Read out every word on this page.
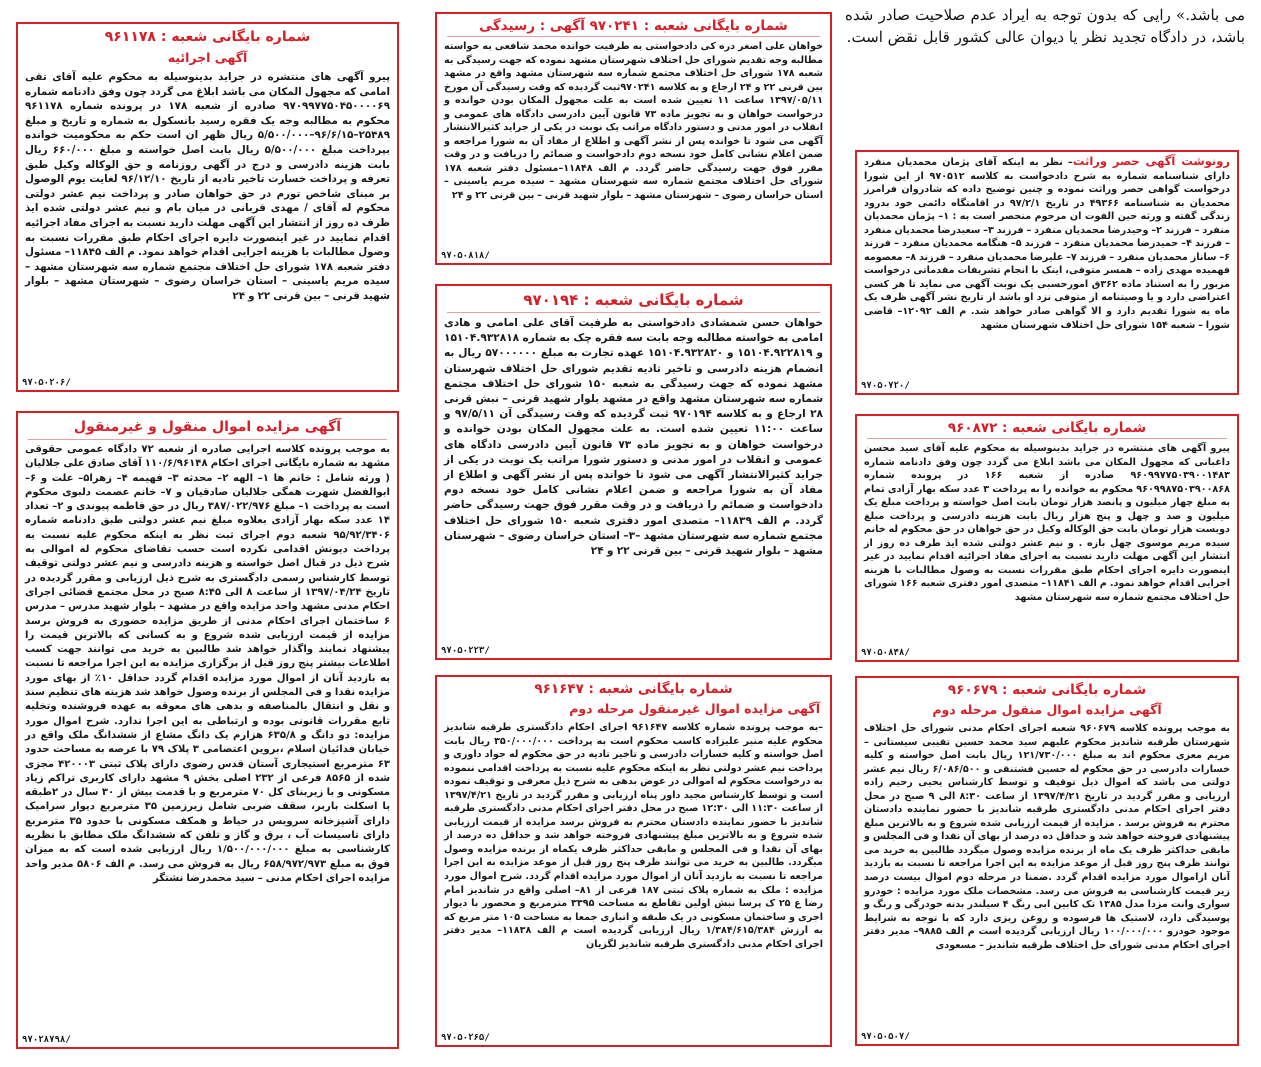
می باشد.» رایی که بدون توجه به ایراد عدم صلاحیت صادر شده باشد، در دادگاه تجدید نظر یا دیوان عالی کشور قابل نقض است.
رونوشت آگهی حصر وراثت– نظر به اینکه آقای پژمان محمدیان منفرد دارای شناسنامه شماره به شرح دادخواست به کلاسه ۹۷۰۵۱۲ از این شورا درخواست گواهی حصر وراثت نموده و چنین توضیح داده که شادروان فرامرز محمدیان به شناسنامه ۴۹۳۶۶ در تاریخ ۹۷/۲/۱ در اقامتگاه دائمی خود بدرود زندگی گفته و ورثه حین الفوت ان مرحوم منحصر است به : ۱– پژمان محمدیان منفرد – فرزند ۲– وحیدرضا محمدیان منفرد – فرزند ۳– سعیدرضا محمدیان منفرد – فرزند ۴– حمیدرضا محمدیان منفرد – فرزند ۵– هنگامه محمدیان منفرد – فرزند ۶– ساناز محمدیان منفرد – فرزند ۷– علیرضا محمدیان منفرد – فرزند ۸– معصومه فهمیده مهدی زاده – همسر متوفی، اینک با انجام تشریفات مقدماتی درخواست مزبور را به استناد ماده ۳۶۲ق امورحسبی یک نوبت آگهی می نماید تا هر کسی اعتراضی دارد و یا وصیتنامه از متوفی نزد او باشد از تاریخ نشر آگهی ظرف یک ماه به شورا تقدیم دارد و الا گواهی صادر خواهد شد. م الف ۱۲۰۹۲– قاضی شورا – شعبه ۱۵۴ شورای حل اختلاف شهرستان مشهد
۹۷۰۵۰۷۲۰/
شماره بایگانی شعبه : ۹۶۰۸۷۲
پیرو آگهی های منتشره در جراید بدینوسیله به محکوم علیه آقای سید محسن داغبانی که مجهول المکان می باشد ابلاغ می گردد چون وفق دادنامه شماره ۹۶۰۹۹۷۷۵۰۳۹۰۰۱۴۸۳ صادره از شعبه ۱۶۶ در پرونده شماره ۹۶۰۹۹۸۷۵۰۳۹۰۰۸۶۸ محکوم به خوانده را به پرداخت ۳ عدد سکه بهار آزادی تمام به مبلغ چهار میلیون و پانصد هزار تومان بابت اصل خواسته و پرداخت مبلغ یک میلیون و صد و چهل و پنج هزار ریال بابت هزینه دادرسی و پرداخت مبلغ دویست هزار تومان بابت حق الوکاله وکیل در حق خواهان در حق محکوم له خانم سیده مریم موسوی چهل بازه . و نیم عشر دولتی شده ایذ طرف ده روز از انتشار این آگهی مهلت دارید نسبت به اجرای مفاد اجرائیه اقدام نمایید در غیر اینصورت دایره اجرای احکام طبق مقررات نسبت به وصول مطالبات با هزینه اجرایی اقدام خواهد نمود. م الف ۱۱۸۴۱– متصدی امور دفتری شعبه ۱۶۶ شورای حل اختلاف مجتمع شماره سه شهرستان مشهد
۹۷۰۵۰۸۴۸/
شماره بایگانی شعبه : ۹۶۰۶۷۹
آگهی مزایده اموال منقول مرحله دوم
به موجب پرونده کلاسه ۹۶۰۶۷۹ شعبه اجرای احکام مدنی شورای حل اختلاف شهرستان طرقبه شاندیز محکوم علیهم سید محمد حسین تقیبی سیستانی – مریم معزی محکوم اند به مبلغ ۱۲۱/۷۳۰/۰۰۰ ریال بابت اصل خواسته و کلیه خسارات دادرسی در حق محکوم له حسین فشتنقی و ۶/۰۸۶/۵۰۰ ریال نیم عشر دولتی می باشد که اموال ذیل توقیف و توسط کارشناس یحیی رحیم زاده ارزیابی و مقرر گردید در تاریخ ۱۳۹۷/۴/۲۱ از ساعت ۸:۳۰ الی ۹ صبح در محل دفتر اجرای احکام مدنی دادگستری طرقبه شاندیز با حضور نماینده دادستان محترم به فروش برسد . مزایده از قیمت ارزیابی شده شروع و به بالاترین مبلغ پیشنهادی فروخته خواهد شد و حداقل ده درصد از بهای آن نقدا و فی المجلس و مابقی حداکثر ظرف یک ماه از برنده مزایده وصول میگردد طالبین به خرید می توانند ظرف پنج روز قبل از موعد مزایده به این اجرا مراجعه تا نسبت به بازدید آنان ازاموال مورد مزایده اقدام گردد .ضمنا در مرحله دوم اموال بیست درصد زیر قیمت کارشناسی به فروش می رسد. مشخصات ملک مورد مزایده : خودرو سواری وانت مزدا مدل ۱۳۸۵ تک کابین ابی رنگ ۴ سیلندر بدنه خودرگی و رنگ و پوسیدگی دارد، لاستیک ها فرسوده و روغن ریزی دارد که با توجه به شرایط موجود خودرو ۱۰۰/۰۰۰/۰۰۰ ریال ارزیابی گردیده است م الف ۹۸۸۵– مدیر دفتر اجرای احکام مدنی شورای حل اختلاف طرقبه شاندیز – مسعودی
۹۷۰۵۰۵۰۷/
شماره بایگانی شعبه : ۹۷۰۲۴۱ آگهی : رسیدگی
خواهان علی اصغر دره کی دادخواستی به طرفیت خوانده محمد شافعی به خواسته مطالبه وجه تقدیم شورای حل اختلاف شهرستان مشهد نموده که جهت رسیدگی به شعبه ۱۷۸ شورای حل اختلاف مجتمع شماره سه شهرستان مشهد واقع در مشهد بین قرنی ۲۲ و ۲۴ ارجاع و به کلاسه ۹۷۰۲۴۱ثبت گردیده که وقت رسیدگی آن مورخ ۱۳۹۷/۰۵/۱۱ ساعت ۱۱ تعیین شده است به علت مجهول المکان بودن خوانده و درخواست خواهان و به تجویز ماده ۷۳ قانون آیین دادرسی دادگاه های عمومی و انقلاب در امور مدنی و دستور دادگاه مراتب یک نوبت در یکی از جراید کثیرالانتشار آگهی می شود تا خوانده پس از نشر آگهی و اطلاع از مفاد آن به شورا مراجعه و ضمن اعلام نشانی کامل خود نسخه دوم دادخواست و ضمائم را دریافت و در وقت مقرر فوق جهت رسیدگی حاضر گردد. م الف ۱۱۸۴۸–مسئول دفتر شعبه ۱۷۸ شورای حل اختلاف مجتمع شماره سه شهرستان مشهد – سیده مریم یاسینی – استان خراسان رضوی – شهرستان مشهد – بلوار شهید قرنی – بین قرنی ۲۲ و ۲۴
۹۷۰۵۰۸۱۸/
شماره بایگانی شعبه : ۹۷۰۱۹۴
خواهان حسن شمشادی دادخواستی به طرفیت آقای علی امامی و هادی امامی به خواسته مطالبه وجه بابت سه فقره چک به شماره ۱۵۱۰۴.۹۳۲۸۱۸ و ۱۵۱۰۴.۹۲۲۸۱۹ و ۱۵۱۰۴.۹۳۲۸۲۰ عهده تجارت به مبلغ ۵۷۰۰۰۰۰۰ ریال به انضمام هزینه دادرسی و تاخیر تادیه تقدیم شورای حل اختلاف شهرستان مشهد نموده که جهت رسیدگی به شعبه ۱۵۰ شورای حل اختلاف مجتمع شماره سه شهرستان مشهد واقع در مشهد بلوار شهید قرنی – نبش قرنی ۲۸ ارجاع و به کلاسه ۹۷۰۱۹۴ ثبت گردیده که وقت رسیدگی آن ۹۷/۵/۱۱ و ساعت ۱۱:۰۰ تعیین شده است. به علت مجهول المکان بودن خوانده و درخواست خواهان و به تجویز ماده ۷۳ قانون آیین دادرسی دادگاه های عمومی و انقلاب در امور مدنی و دستور شورا مراتب یک نوبت در یکی از جراید کثیرالانتشار آگهی می شود تا خوانده پس از نشر آگهی و اطلاع از مفاد آن به شورا مراجعه و ضمن اعلام نشانی کامل خود نسخه دوم دادخواست و ضمائم را دریافت و در وقت مقرر فوق جهت رسیدگی حاضر گردد. م الف ۱۱۸۳۹– متصدی امور دفتری شعبه ۱۵۰ شورای حل اختلاف مجتمع شماره سه شهرستان مشهد –۳– استان خراسان رضوی – شهرستان مشهد – بلوار شهید قرنی – بین قرنی ۲۲ و ۲۴
۹۷۰۵۰۲۲۳/
شماره بایگانی شعبه : ۹۶۱۶۴۷
آگهی مزایده اموال غیرمنقول مرحله دوم
–به موجب پرونده شماره کلاسه ۹۶۱۶۴۷ اجرای احکام دادگستری طرقبه شاندیز محکوم علیه منیر علیزاده کاسب محکوم است به پرداخت ۳۵۰/۰۰۰/۰۰۰ ریال بابت اصل خواسته و کلیه خسارات دادرسی و تاخیر تادیه در حق محکوم له جواد داوری و پرداخت نیم عشر دولتی نظر به اینکه محکوم علیه نسبت به پرداخت اقدامی ننموده به درخواست محکوم له اموالی در عوض بدهی به شرح ذیل معرفی و توقیف نموده است و توسط کارشناس مجید داور پناه ارزیابی و مقرر گردید در تاریخ ۱۳۹۷/۴/۲۱ از ساعت ۱۱:۳۰ الی ۱۲:۳۰ صبح در محل دفتر اجرای احکام مدنی دادگستری طرقبه شاندیز با حضور نماینده دادستان محترم به فروش برسد مزایده از قیمت ارزیابی شده شروع و به بالاترین مبلغ پیشنهادی فروخته خواهد شد و حداقل ده درصد از بهای آن نقدا و فی المجلس و مابقی حداکثر ظرف یکماه از برنده مزایده وصول میگردد. طالبین به خرید می توانند ظرف پنج روز قبل از موعد مزایده به این اجرا مراجعه تا نسبت به بازدید آنان از اموال مورد مزایده اقدام گردد. شرح اموال مورد مزایده : ملک به شماره پلاک ثبتی ۱۸۷ فرعی از ۸۱– اصلی واقع در شاندیز امام رضا ع ۲۵ ک پرسا نبش اولین تقاطع به مساحت ۳۳۹۵ مترمربع و محصور با دیوار اجری و ساختمان مسکونی در یک طبقه و اتباری جمعا به مساحت ۱۰۵ متر مربع که به ارزش ۱/۳۸۴/۶۱۵/۳۸۴ ریال ارزیابی گردیده است م الف ۱۱۸۳۸– مدیر دفتر اجرای احکام مدنی دادگستری طرقبه شاندیز لگزیان
۹۷۰۵۰۲۶۵/
شماره بایگانی شعبه : ۹۶۱۱۷۸
آگهی اجرائیه
پیرو آگهی های منتشره در جراید بدینوسیله به محکوم علیه آقای تقی امامی که مجهول المکان می باشد ابلاغ می گردد چون وفق دادنامه شماره ۹۷۰۹۹۷۷۵۰۴۵۰۰۰۰۶۹ صادره از شعبه ۱۷۸ در پرونده شماره ۹۶۱۱۷۸ محکوم به مطالبه وجه یک فقره رسید بانسکول به شماره و تاریخ و مبلغ ۲۵۴۸۹–۹۶/۶/۱۵–۵/۵۰۰/۰۰۰ ریال ظهر ان است حکم به محکومیت خوانده بپرداخت مبلغ ۵/۵۰۰/۰۰۰ ریال بابت اصل خواسته و مبلغ ۶۶۰/۰۰۰ ریال بابت هزینه دادرسی و درج در آگهی روزنامه و حق الوکاله وکیل طبق تعرفه و پرداخت خسارت تاخیر تادیه از تاریخ ۹۶/۱۲/۱۰ لغایت یوم الوصول بر مبنای شاخص تورم در حق خواهان صادر و پرداخت نیم عشر دولتی محکوم له آقای / مهدی قربانی در میان بام و نیم عشر دولتی شده ایذ طرف ده روز از انتشار این آگهی مهلت دارید نسبت به اجرای مفاد اجرائیه اقدام نمایید در غیر اینصورت دایره اجرای احکام طبق مقررات نسبت به وصول مطالبات با هزینه اجرایی اقدام خواهد نمود. م الف ۱۱۸۴۵– مسئول دفتر شعبه ۱۷۸ شورای حل اختلاف مجتمع شماره سه شهرستان مشهد – سیده مریم یاسینی – استان خراسان رضوی – شهرستان مشهد – بلوار شهید قرنی – بین قرنی ۲۲ و ۲۴
۹۷۰۵۰۲۰۶/
آگهی مزایده اموال منقول و غیرمنقول
به موجب پرونده کلاسه اجرایی صادره از شعبه ۷۲ دادگاه عمومی حقوقی مشهد به شماره بایگانی اجرای احکام ۱۱۰/۶/۹۶۱۴۸ آقای صادق علی جلالیان ( ورثه شامل : خانم ها ۱– الهه ۲– محدثه ۳– فهیمه ۴– زهرا۵– علت و ۶– ابوالفضل شهرت همگی جلالیان صادقیان و ۷– خانم عصمت دلبوی محکوم است به پرداخت ۱– مبلغ ۳۸۷/۰۲۲/۹۷۶ ریال در حق فاطمه پیوندی و ۲– تعداد ۱۴ عدد سکه بهار آزادی بعلاوه مبلغ نیم عشر دولتی طبق دادنامه شماره ۹۵/۹۲/۳۴۰۶ شعبه دوم اجرای ثبت نظر به اینکه محکوم علیه نسبت به پرداخت دیونش اقدامی نکرده است حسب تقاضای محکوم له اموالی به شرح ذیل در قبال اصل خواسته و هزینه دادرسی و نیم عشر دولتی توقیف توسط کارشناس رسمی دادگستری به شرح ذیل ارزیابی و مقرر گردیده در تاریخ ۱۳۹۷/۰۴/۲۴ از ساعت ۸ الی ۸:۴۵ صبح در محل مجتمع قضائی اجرای احکام مدنی مشهد واحد مزایده واقع در مشهد – بلوار شهید مدرس – مدرس ۶ ساختمان اجرای احکام مدنی از طریق مزایده حضوری به فروش برسد مزایده از قیمت ارزیابی شده شروع و به کسانی که بالاترین قیمت را پیشنهاد نمایند واگذار خواهد شد طالبین به خرید می توانند جهت کسب اطلاعات بیشتر پنج روز قبل از برگزاری مزایده به این اجرا مراجعه تا نسبت به بازدید آنان از اموال مورد مزایده اقدام گردد حداقل ۱۰٪ از بهای مورد مزایده نقدا و فی المجلس از برنده وصول خواهد شد هزینه های تنظیم سند و نقل و انتقال بالمناصفه و بدهی های معوقه به عهده فروشنده وتخلیه تابع مقررات قانونی بوده و ارتباطی به این اجرا ندارد. شرح اموال مورد مزایده: دو دانگ و ۶۳۵/۸ هزارم یک دانگ مشاع از ششدانگ ملک واقع در خیابان فدائیان اسلام ،بروین اعتصامی ۳ پلاک ۷۹ با عرصه به مساحت حدود ۶۳ مترمربع استیجاری آستان قدس رضوی دارای پلاک ثبتی ۴۲۰۰۰۳ مجزی شده از ۸۵۶۵ فرعی از ۲۳۲ اصلی بخش ۹ مشهد دارای کاربری تراکم زیاد مسکونی و با زیربنای کل ۷۰ مترمربع و با قدمت بیش از ۳۰ سال در ۲طبقه با اسکلت باربر، سقف ضربی شامل زیرزمین ۳۵ مترمربع دیوار سرامیک دارای آشپزخانه سرویس در حیاط و همکف مسکونی با حدود ۳۵ مترمربع دارای تاسیسات آب ، برق و گاز و تلفن که ششدانگ ملک مطابق با نظریه کارشناسی به مبلغ ۱/۵۰۰/۰۰۰/۰۰۰ ریال ارزیابی شده است که به میزان فوق به مبلغ ۶۵۸/۹۷۲/۹۷۳ ریال به فروش می رسد. م الف ۵۸۰۶ مدیر واحد مزایده اجرای احکام مدنی – سید محمدرضا نشتگر
۹۷۰۲۸۷۹۸/
